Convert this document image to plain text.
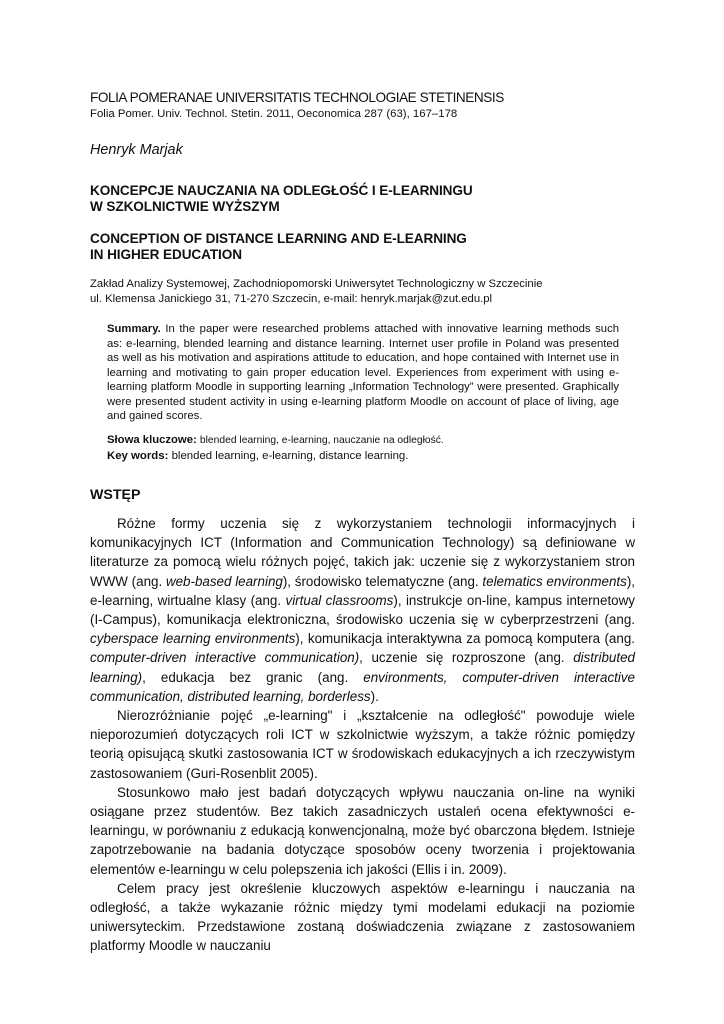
FOLIA POMERANAE UNIVERSITATIS TECHNOLOGIAE STETINENSIS
Folia Pomer. Univ. Technol. Stetin. 2011, Oeconomica 287 (63), 167–178
Henryk Marjak
KONCEPCJE NAUCZANIA NA ODLEGŁOŚĆ I E-LEARNINGU
W SZKOLNICTWIE WYŻSZYM
CONCEPTION OF DISTANCE LEARNING AND E-LEARNING
IN HIGHER EDUCATION
Zakład Analizy Systemowej, Zachodniopomorski Uniwersytet Technologiczny w Szczecinie
ul. Klemensa Janickiego 31, 71-270 Szczecin, e-mail: henryk.marjak@zut.edu.pl
Summary. In the paper were researched problems attached with innovative learning methods such as: e-learning, blended learning and distance learning. Internet user profile in Poland was presented as well as his motivation and aspirations attitude to education, and hope contained with Internet use in learning and motivating to gain proper education level. Experiences from experiment with using e-learning platform Moodle in supporting learning „Information Technology” were presented. Graphically were presented student activity in using e-learning platform Moodle on account of place of living, age and gained scores.
Słowa kluczowe: blended learning, e-learning, nauczanie na odległość.
Key words: blended learning, e-learning, distance learning.
WSTĘP

Różne formy uczenia się z wykorzystaniem technologii informacyjnych i komunikacyjnych ICT (Information and Communication Technology) są definiowane w literaturze za pomocą wielu różnych pojęć, takich jak: uczenie się z wykorzystaniem stron WWW (ang. web-based learning), środowisko telematyczne (ang. telematics environments), e-learning, wirtualne klasy (ang. virtual classrooms), instrukcje on-line, kampus internetowy (I-Campus), komunikacja elektroniczna, środowisko uczenia się w cyberprzestrzeni (ang. cyberspace learning environments), komunikacja interaktywna za pomocą komputera (ang. computer-driven interactive communication), uczenie się rozproszone (ang. distributed learning), edukacja bez granic (ang. environments, computer-driven interactive communication, distributed learning, borderless).

Nierozróżnianie pojęć „e-learning" i „kształcenie na odległość" powoduje wiele nieporozumień dotyczących roli ICT w szkolnictwie wyższym, a także różnic pomiędzy teorią opisującą skutki zastosowania ICT w środowiskach edukacyjnych a ich rzeczywistym zastosowaniem (Guri-Rosenblit 2005).

Stosunkowo mało jest badań dotyczących wpływu nauczania on-line na wyniki osiągane przez studentów. Bez takich zasadniczych ustaleń ocena efektywności e-learningu, w porównaniu z edukacją konwencjonalną, może być obarczona błędem. Istnieje zapotrzebowanie na badania dotyczące sposobów oceny tworzenia i projektowania elementów e-learningu w celu polepszenia ich jakości (Ellis i in. 2009).

Celem pracy jest określenie kluczowych aspektów e-learningu i nauczania na odległość, a także wykazanie różnic między tymi modelami edukacji na poziomie uniwersyteckim. Przedstawione zostaną doświadczenia związane z zastosowaniem platformy Moodle w nauczaniu
